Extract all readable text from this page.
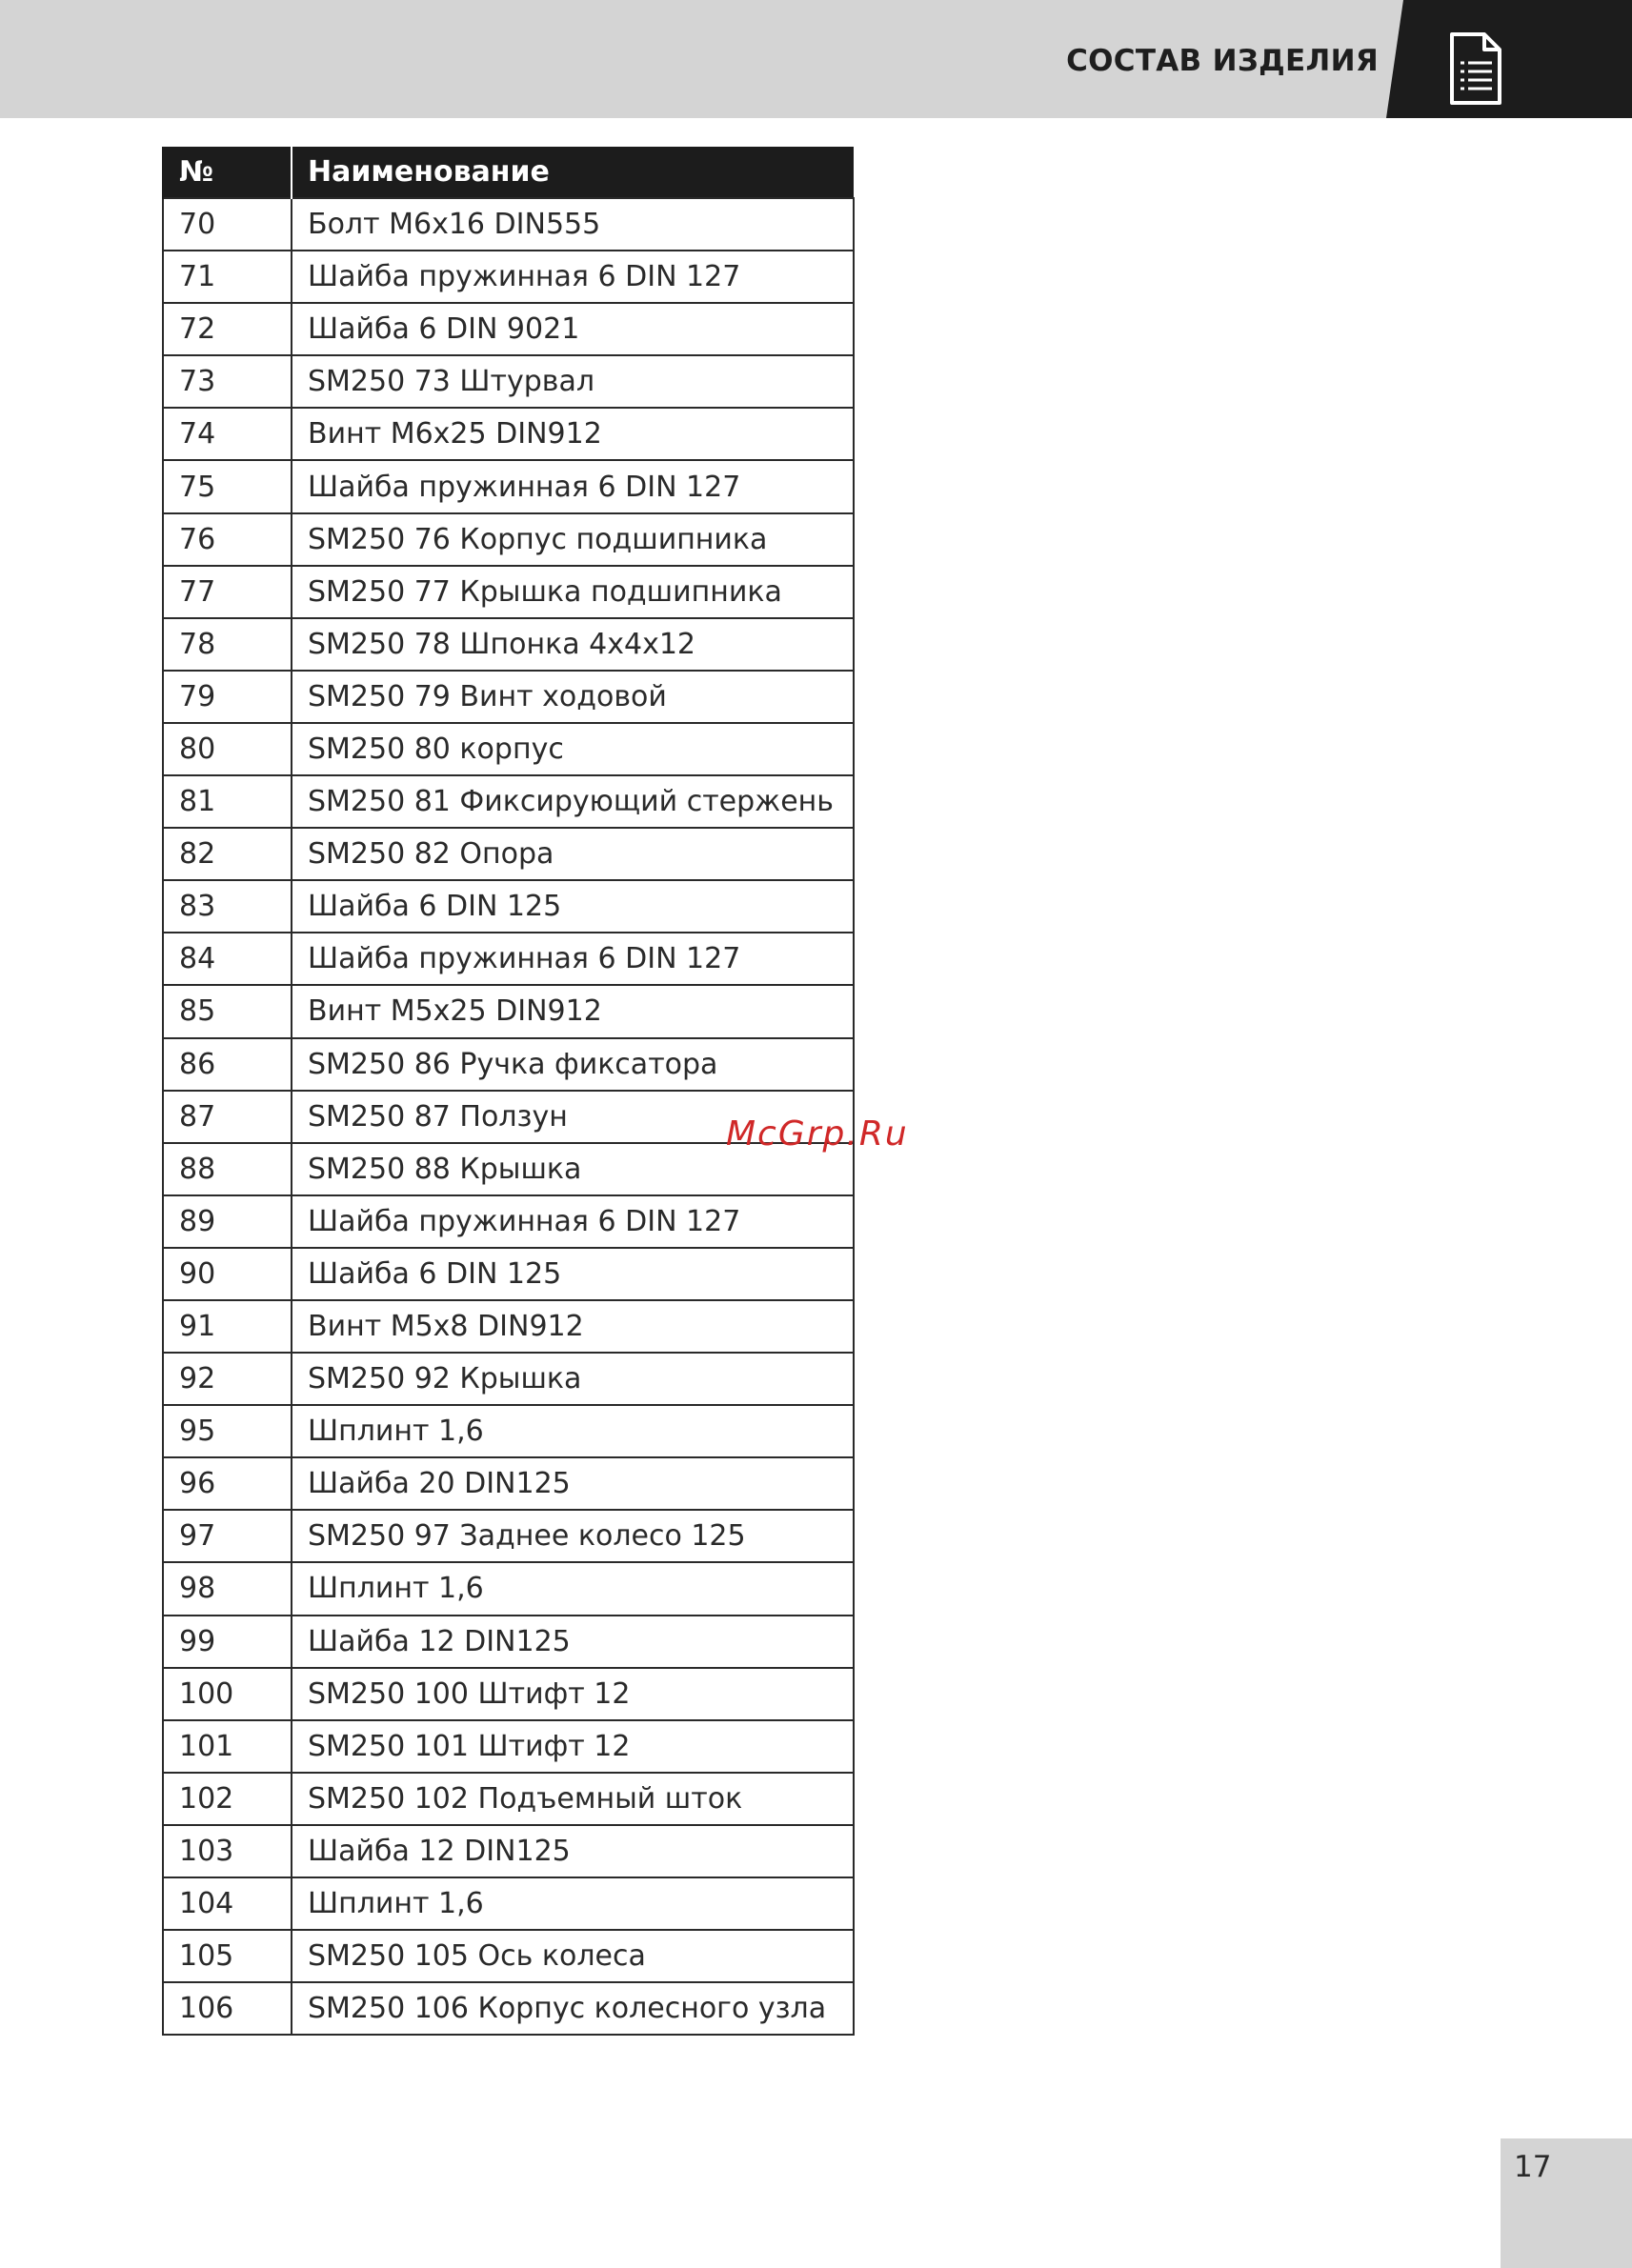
СОСТАВ ИЗДЕЛИЯ
№	Наименование
70	Болт М6х16 DIN555
71	Шайба пружинная 6 DIN 127
72	Шайба 6 DIN 9021
73	SM250 73 Штурвал
74	Винт М6х25 DIN912
75	Шайба пружинная 6 DIN 127
76	SM250 76 Корпус подшипника
77	SM250 77 Крышка подшипника
78	SM250 78 Шпонка 4х4х12
79	SM250 79 Винт ходовой
80	SM250 80 корпус
81	SM250 81 Фиксирующий стержень
82	SM250 82 Опора
83	Шайба 6 DIN 125
84	Шайба пружинная 6 DIN 127
85	Винт М5х25 DIN912
86	SM250 86 Ручка фиксатора
87	SM250 87 Ползун
88	SM250 88 Крышка
89	Шайба пружинная 6 DIN 127
90	Шайба 6 DIN 125
91	Винт М5х8 DIN912
92	SM250 92 Крышка
95	Шплинт 1,6
96	Шайба 20 DIN125
97	SM250 97 Заднее колесо 125
98	Шплинт 1,6
99	Шайба 12 DIN125
100	SM250 100 Штифт 12
101	SM250 101 Штифт 12
102	SM250 102 Подъемный шток
103	Шайба 12 DIN125
104	Шплинт 1,6
105	SM250 105 Ось колеса
106	SM250 106 Корпус колесного узла
McGrp.Ru
17
